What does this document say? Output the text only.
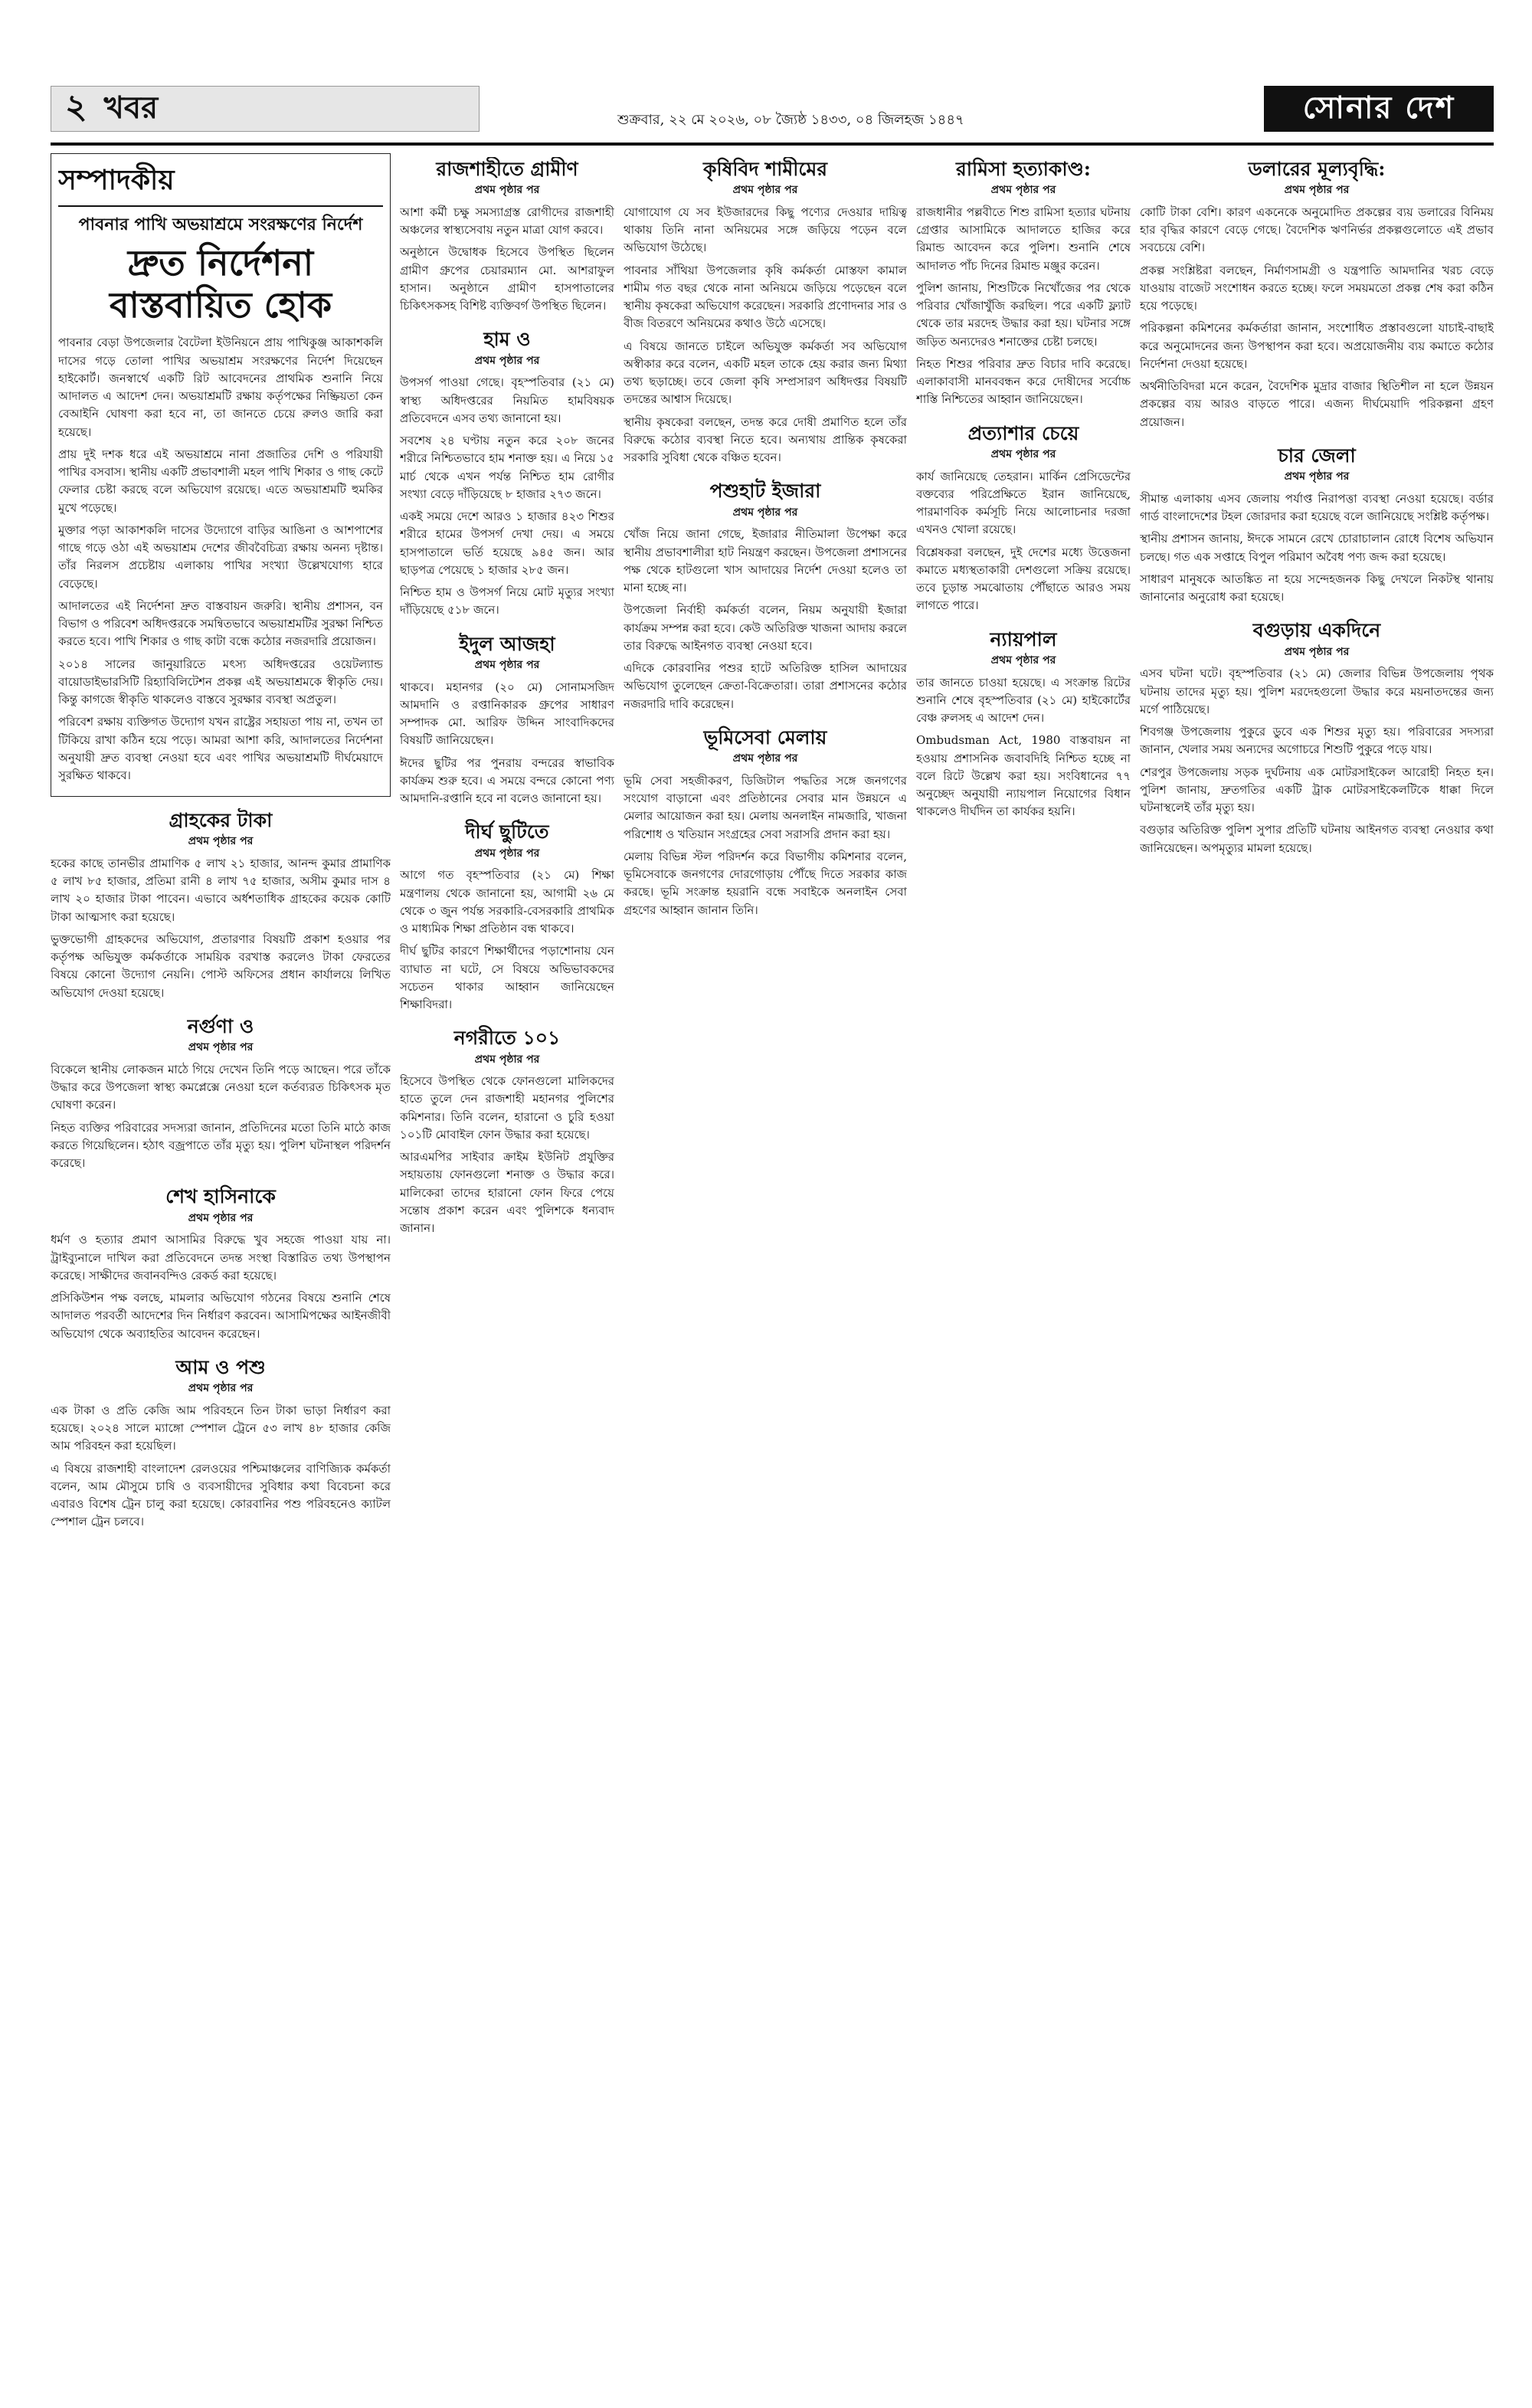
২ খবর	শুক্রবার, ২২ মে ২০২৬, ০৮ জ্যৈষ্ঠ ১৪৩৩, ০৪ জিলহজ ১৪৪৭	সোনার দেশ
সম্পাদকীয়
পাবনার পাখি অভয়াশ্রমে সংরক্ষণের নির্দেশ
দ্রুত নির্দেশনা বাস্তবায়িত হোক

পাবনার বেড়া উপজেলার বৈটেলা ইউনিয়নে প্রায় পাখিকুঞ্জ আকাশকলি দাসের গড়ে তোলা পাখির অভয়াশ্রম সংরক্ষণের নির্দেশ দিয়েছেন হাইকোর্ট। জনস্বার্থে একটি রিট আবেদনের প্রাথমিক শুনানি নিয়ে আদালত এ আদেশ দেন। অভয়াশ্রমটি রক্ষায় কর্তৃপক্ষের নিষ্ক্রিয়তা কেন বেআইনি ঘোষণা করা হবে না, তা জানতে চেয়ে রুলও জারি করা হয়েছে।

প্রায় দুই দশক ধরে এই অভয়াশ্রমে নানা প্রজাতির দেশি ও পরিযায়ী পাখির বসবাস। স্থানীয় একটি প্রভাবশালী মহল পাখি শিকার ও গাছ কেটে ফেলার চেষ্টা করছে বলে অভিযোগ রয়েছে। এতে অভয়াশ্রমটি হুমকির মুখে পড়েছে।

মুক্তার পড়া আকাশকলি দাসের উদ্যোগে বাড়ির আঙিনা ও আশপাশের গাছে গড়ে ওঠা এই অভয়াশ্রম দেশের জীববৈচিত্র্য রক্ষায় অনন্য দৃষ্টান্ত। তাঁর নিরলস প্রচেষ্টায় এলাকায় পাখির সংখ্যা উল্লেখযোগ্য হারে বেড়েছে।

আদালতের এই নির্দেশনা দ্রুত বাস্তবায়ন জরুরি। স্থানীয় প্রশাসন, বন বিভাগ ও পরিবেশ অধিদপ্তরকে সমন্বিতভাবে অভয়াশ্রমটির সুরক্ষা নিশ্চিত করতে হবে। পাখি শিকার ও গাছ কাটা বন্ধে কঠোর নজরদারি প্রয়োজন।

২০১৪ সালের জানুয়ারিতে মৎস্য অধিদপ্তরের ওয়েটল্যান্ড বায়োডাইভারসিটি রিহ্যাবিলিটেশন প্রকল্প এই অভয়াশ্রমকে স্বীকৃতি দেয়। কিন্তু কাগজে স্বীকৃতি থাকলেও বাস্তবে সুরক্ষার ব্যবস্থা অপ্রতুল।

পরিবেশ রক্ষায় ব্যক্তিগত উদ্যোগ যখন রাষ্ট্রের সহায়তা পায় না, তখন তা টিকিয়ে রাখা কঠিন হয়ে পড়ে। আমরা আশা করি, আদালতের নির্দেশনা অনুযায়ী দ্রুত ব্যবস্থা নেওয়া হবে এবং পাখির অভয়াশ্রমটি দীর্ঘমেয়াদে সুরক্ষিত থাকবে।

গ্রাহকের টাকা
প্রথম পৃষ্ঠার পর

হকের কাছে তানভীর প্রামাণিক ৫ লাখ ২১ হাজার, আনন্দ কুমার প্রামাণিক ৫ লাখ ৮৫ হাজার, প্রতিমা রানী ৪ লাখ ৭৫ হাজার, অসীম কুমার দাস ৪ লাখ ২০ হাজার টাকা পাবেন। এভাবে অর্ধশতাধিক গ্রাহকের কয়েক কোটি টাকা আত্মসাৎ করা হয়েছে।

ভুক্তভোগী গ্রাহকদের অভিযোগ, প্রতারণার বিষয়টি প্রকাশ হওয়ার পর কর্তৃপক্ষ অভিযুক্ত কর্মকর্তাকে সাময়িক বরখাস্ত করলেও টাকা ফেরতের বিষয়ে কোনো উদ্যোগ নেয়নি। পোস্ট অফিসের প্রধান কার্যালয়ে লিখিত অভিযোগ দেওয়া হয়েছে।

নর্গুণা ও
প্রথম পৃষ্ঠার পর

বিকেলে স্থানীয় লোকজন মাঠে গিয়ে দেখেন তিনি পড়ে আছেন। পরে তাঁকে উদ্ধার করে উপজেলা স্বাস্থ্য কমপ্লেক্সে নেওয়া হলে কর্তব্যরত চিকিৎসক মৃত ঘোষণা করেন।

নিহত ব্যক্তির পরিবারের সদস্যরা জানান, প্রতিদিনের মতো তিনি মাঠে কাজ করতে গিয়েছিলেন। হঠাৎ বজ্রপাতে তাঁর মৃত্যু হয়। পুলিশ ঘটনাস্থল পরিদর্শন করেছে।

শেখ হাসিনাকে
প্রথম পৃষ্ঠার পর

ধর্মণ ও হত্যার প্রমাণ আসামির বিরুদ্ধে খুব সহজে পাওয়া যায় না। ট্রাইব্যুনালে দাখিল করা প্রতিবেদনে তদন্ত সংস্থা বিস্তারিত তথ্য উপস্থাপন করেছে। সাক্ষীদের জবানবন্দিও রেকর্ড করা হয়েছে।

প্রসিকিউশন পক্ষ বলছে, মামলার অভিযোগ গঠনের বিষয়ে শুনানি শেষে আদালত পরবর্তী আদেশের দিন নির্ধারণ করবেন। আসামিপক্ষের আইনজীবী অভিযোগ থেকে অব্যাহতির আবেদন করেছেন।

আম ও পশু
প্রথম পৃষ্ঠার পর

এক টাকা ও প্রতি কেজি আম পরিবহনে তিন টাকা ভাড়া নির্ধারণ করা হয়েছে। ২০২৪ সালে ম্যাঙ্গো স্পেশাল ট্রেনে ৫৩ লাখ ৪৮ হাজার কেজি আম পরিবহন করা হয়েছিল।

এ বিষয়ে রাজশাহী বাংলাদেশ রেলওয়ের পশ্চিমাঞ্চলের বাণিজ্যিক কর্মকর্তা বলেন, আম মৌসুমে চাষি ও ব্যবসায়ীদের সুবিধার কথা বিবেচনা করে এবারও বিশেষ ট্রেন চালু করা হয়েছে। কোরবানির পশু পরিবহনেও ক্যাটল স্পেশাল ট্রেন চলবে।

রাজশাহীতে গ্রামীণ
প্রথম পৃষ্ঠার পর

আশা কর্মী চক্ষু সমস্যাগ্রস্ত রোগীদের রাজশাহী অঞ্চলের স্বাস্থ্যসেবায় নতুন মাত্রা যোগ করবে।

অনুষ্ঠানে উদ্বোধক হিসেবে উপস্থিত ছিলেন গ্রামীণ গ্রুপের চেয়ারম্যান মো. আশরাফুল হাসান। অনুষ্ঠানে গ্রামীণ হাসপাতালের চিকিৎসকসহ বিশিষ্ট ব্যক্তিবর্গ উপস্থিত ছিলেন।

হাম ও
প্রথম পৃষ্ঠার পর

উপসর্গ পাওয়া গেছে। বৃহস্পতিবার (২১ মে) স্বাস্থ্য অধিদপ্তরের নিয়মিত হামবিষয়ক প্রতিবেদনে এসব তথ্য জানানো হয়।

সবশেষ ২৪ ঘণ্টায় নতুন করে ২০৮ জনের শরীরে নিশ্চিতভাবে হাম শনাক্ত হয়। এ নিয়ে ১৫ মার্চ থেকে এখন পর্যন্ত নিশ্চিত হাম রোগীর সংখ্যা বেড়ে দাঁড়িয়েছে ৮ হাজার ২৭৩ জনে।

একই সময়ে দেশে আরও ১ হাজার ৪২৩ শিশুর শরীরে হামের উপসর্গ দেখা দেয়। এ সময়ে হাসপাতালে ভর্তি হয়েছে ৯৪৫ জন। আর ছাড়পত্র পেয়েছে ১ হাজার ২৮৫ জন।

নিশ্চিত হাম ও উপসর্গ নিয়ে মোট মৃত্যুর সংখ্যা দাঁড়িয়েছে ৫১৮ জনে।

ইদুল আজহা
প্রথম পৃষ্ঠার পর

থাকবে। মহানগর (২০ মে) সোনামসজিদ আমদানি ও রপ্তানিকারক গ্রুপের সাধারণ সম্পাদক মো. আরিফ উদ্দিন সাংবাদিকদের বিষয়টি জানিয়েছেন।

ঈদের ছুটির পর পুনরায় বন্দরের স্বাভাবিক কার্যক্রম শুরু হবে। এ সময়ে বন্দরে কোনো পণ্য আমদানি-রপ্তানি হবে না বলেও জানানো হয়।

দীর্ঘ ছুটিতে
প্রথম পৃষ্ঠার পর

আগে গত বৃহস্পতিবার (২১ মে) শিক্ষা মন্ত্রণালয় থেকে জানানো হয়, আগামী ২৬ মে থেকে ৩ জুন পর্যন্ত সরকারি-বেসরকারি প্রাথমিক ও মাধ্যমিক শিক্ষা প্রতিষ্ঠান বন্ধ থাকবে।

দীর্ঘ ছুটির কারণে শিক্ষার্থীদের পড়াশোনায় যেন ব্যাঘাত না ঘটে, সে বিষয়ে অভিভাবকদের সচেতন থাকার আহ্বান জানিয়েছেন শিক্ষাবিদরা।

নগরীতে ১০১
প্রথম পৃষ্ঠার পর

হিসেবে উপস্থিত থেকে ফোনগুলো মালিকদের হাতে তুলে দেন রাজশাহী মহানগর পুলিশের কমিশনার। তিনি বলেন, হারানো ও চুরি হওয়া ১০১টি মোবাইল ফোন উদ্ধার করা হয়েছে।

আরএমপির সাইবার ক্রাইম ইউনিট প্রযুক্তির সহায়তায় ফোনগুলো শনাক্ত ও উদ্ধার করে। মালিকেরা তাদের হারানো ফোন ফিরে পেয়ে সন্তোষ প্রকাশ করেন এবং পুলিশকে ধন্যবাদ জানান।

কৃষিবিদ শামীমের
প্রথম পৃষ্ঠার পর

যোগাযোগ যে সব ইউজারদের কিছু পণ্যের দেওয়ার দায়িত্ব থাকায় তিনি নানা অনিয়মের সঙ্গে জড়িয়ে পড়েন বলে অভিযোগ উঠেছে।

পাবনার সাঁথিয়া উপজেলার কৃষি কর্মকর্তা মোস্তফা কামাল শামীম গত বছর থেকে নানা অনিয়মে জড়িয়ে পড়েছেন বলে স্থানীয় কৃষকেরা অভিযোগ করেছেন। সরকারি প্রণোদনার সার ও বীজ বিতরণে অনিয়মের কথাও উঠে এসেছে।

এ বিষয়ে জানতে চাইলে অভিযুক্ত কর্মকর্তা সব অভিযোগ অস্বীকার করে বলেন, একটি মহল তাকে হেয় করার জন্য মিথ্যা তথ্য ছড়াচ্ছে। তবে জেলা কৃষি সম্প্রসারণ অধিদপ্তর বিষয়টি তদন্তের আশ্বাস দিয়েছে।

স্থানীয় কৃষকেরা বলছেন, তদন্ত করে দোষী প্রমাণিত হলে তাঁর বিরুদ্ধে কঠোর ব্যবস্থা নিতে হবে। অন্যথায় প্রান্তিক কৃষকেরা সরকারি সুবিধা থেকে বঞ্চিত হবেন।

পশুহাট ইজারা
প্রথম পৃষ্ঠার পর

খোঁজ নিয়ে জানা গেছে, ইজারার নীতিমালা উপেক্ষা করে স্থানীয় প্রভাবশালীরা হাট নিয়ন্ত্রণ করছেন। উপজেলা প্রশাসনের পক্ষ থেকে হাটগুলো খাস আদায়ের নির্দেশ দেওয়া হলেও তা মানা হচ্ছে না।

উপজেলা নির্বাহী কর্মকর্তা বলেন, নিয়ম অনুযায়ী ইজারা কার্যক্রম সম্পন্ন করা হবে। কেউ অতিরিক্ত খাজনা আদায় করলে তার বিরুদ্ধে আইনগত ব্যবস্থা নেওয়া হবে।

এদিকে কোরবানির পশুর হাটে অতিরিক্ত হাসিল আদায়ের অভিযোগ তুলেছেন ক্রেতা-বিক্রেতারা। তারা প্রশাসনের কঠোর নজরদারি দাবি করেছেন।

ভূমিসেবা মেলায়
প্রথম পৃষ্ঠার পর

ভূমি সেবা সহজীকরণ, ডিজিটাল পদ্ধতির সঙ্গে জনগণের সংযোগ বাড়ানো এবং প্রতিষ্ঠানের সেবার মান উন্নয়নে এ মেলার আয়োজন করা হয়। মেলায় অনলাইন নামজারি, খাজনা পরিশোধ ও খতিয়ান সংগ্রহের সেবা সরাসরি প্রদান করা হয়।

মেলায় বিভিন্ন স্টল পরিদর্শন করে বিভাগীয় কমিশনার বলেন, ভূমিসেবাকে জনগণের দোরগোড়ায় পৌঁছে দিতে সরকার কাজ করছে। ভূমি সংক্রান্ত হয়রানি বন্ধে সবাইকে অনলাইন সেবা গ্রহণের আহ্বান জানান তিনি।

রামিসা হত্যাকাণ্ড:
প্রথম পৃষ্ঠার পর

রাজধানীর পল্লবীতে শিশু রামিসা হত্যার ঘটনায় গ্রেপ্তার আসামিকে আদালতে হাজির করে রিমান্ড আবেদন করে পুলিশ। শুনানি শেষে আদালত পাঁচ দিনের রিমান্ড মঞ্জুর করেন।

পুলিশ জানায়, শিশুটিকে নিখোঁজের পর থেকে পরিবার খোঁজাখুঁজি করছিল। পরে একটি ফ্ল্যাট থেকে তার মরদেহ উদ্ধার করা হয়। ঘটনার সঙ্গে জড়িত অন্যদেরও শনাক্তের চেষ্টা চলছে।

নিহত শিশুর পরিবার দ্রুত বিচার দাবি করেছে। এলাকাবাসী মানববন্ধন করে দোষীদের সর্বোচ্চ শাস্তি নিশ্চিতের আহ্বান জানিয়েছেন।

প্রত্যাশার চেয়ে
প্রথম পৃষ্ঠার পর

কার্য জানিয়েছে তেহরান। মার্কিন প্রেসিডেন্টের বক্তব্যের পরিপ্রেক্ষিতে ইরান জানিয়েছে, পারমাণবিক কর্মসূচি নিয়ে আলোচনার দরজা এখনও খোলা রয়েছে।

বিশ্লেষকরা বলছেন, দুই দেশের মধ্যে উত্তেজনা কমাতে মধ্যস্থতাকারী দেশগুলো সক্রিয় রয়েছে। তবে চূড়ান্ত সমঝোতায় পৌঁছাতে আরও সময় লাগতে পারে।

ন্যায়পাল
প্রথম পৃষ্ঠার পর

তার জানতে চাওয়া হয়েছে। এ সংক্রান্ত রিটের শুনানি শেষে বৃহস্পতিবার (২১ মে) হাইকোর্টের বেঞ্চ রুলসহ এ আদেশ দেন।

Ombudsman Act, 1980 বাস্তবায়ন না হওয়ায় প্রশাসনিক জবাবদিহি নিশ্চিত হচ্ছে না বলে রিটে উল্লেখ করা হয়। সংবিধানের ৭৭ অনুচ্ছেদ অনুযায়ী ন্যায়পাল নিয়োগের বিধান থাকলেও দীর্ঘদিন তা কার্যকর হয়নি।

ডলারের মূল্যবৃদ্ধি:
প্রথম পৃষ্ঠার পর

কোটি টাকা বেশি। কারণ একনেকে অনুমোদিত প্রকল্পের ব্যয় ডলারের বিনিময় হার বৃদ্ধির কারণে বেড়ে গেছে। বৈদেশিক ঋণনির্ভর প্রকল্পগুলোতে এই প্রভাব সবচেয়ে বেশি।

প্রকল্প সংশ্লিষ্টরা বলছেন, নির্মাণসামগ্রী ও যন্ত্রপাতি আমদানির খরচ বেড়ে যাওয়ায় বাজেট সংশোধন করতে হচ্ছে। ফলে সময়মতো প্রকল্প শেষ করা কঠিন হয়ে পড়েছে।

পরিকল্পনা কমিশনের কর্মকর্তারা জানান, সংশোধিত প্রস্তাবগুলো যাচাই-বাছাই করে অনুমোদনের জন্য উপস্থাপন করা হবে। অপ্রয়োজনীয় ব্যয় কমাতে কঠোর নির্দেশনা দেওয়া হয়েছে।

অর্থনীতিবিদরা মনে করেন, বৈদেশিক মুদ্রার বাজার স্থিতিশীল না হলে উন্নয়ন প্রকল্পের ব্যয় আরও বাড়তে পারে। এজন্য দীর্ঘমেয়াদি পরিকল্পনা গ্রহণ প্রয়োজন।

চার জেলা
প্রথম পৃষ্ঠার পর

সীমান্ত এলাকায় এসব জেলায় পর্যাপ্ত নিরাপত্তা ব্যবস্থা নেওয়া হয়েছে। বর্ডার গার্ড বাংলাদেশের টহল জোরদার করা হয়েছে বলে জানিয়েছে সংশ্লিষ্ট কর্তৃপক্ষ।

স্থানীয় প্রশাসন জানায়, ঈদকে সামনে রেখে চোরাচালান রোধে বিশেষ অভিযান চলছে। গত এক সপ্তাহে বিপুল পরিমাণ অবৈধ পণ্য জব্দ করা হয়েছে।

সাধারণ মানুষকে আতঙ্কিত না হয়ে সন্দেহজনক কিছু দেখলে নিকটস্থ থানায় জানানোর অনুরোধ করা হয়েছে।

বগুড়ায় একদিনে
প্রথম পৃষ্ঠার পর

এসব ঘটনা ঘটে। বৃহস্পতিবার (২১ মে) জেলার বিভিন্ন উপজেলায় পৃথক ঘটনায় তাদের মৃত্যু হয়। পুলিশ মরদেহগুলো উদ্ধার করে ময়নাতদন্তের জন্য মর্গে পাঠিয়েছে।

শিবগঞ্জ উপজেলায় পুকুরে ডুবে এক শিশুর মৃত্যু হয়। পরিবারের সদস্যরা জানান, খেলার সময় অন্যদের অগোচরে শিশুটি পুকুরে পড়ে যায়।

শেরপুর উপজেলায় সড়ক দুর্ঘটনায় এক মোটরসাইকেল আরোহী নিহত হন। পুলিশ জানায়, দ্রুতগতির একটি ট্রাক মোটরসাইকেলটিকে ধাক্কা দিলে ঘটনাস্থলেই তাঁর মৃত্যু হয়।

বগুড়ার অতিরিক্ত পুলিশ সুপার প্রতিটি ঘটনায় আইনগত ব্যবস্থা নেওয়ার কথা জানিয়েছেন। অপমৃত্যুর মামলা হয়েছে।
